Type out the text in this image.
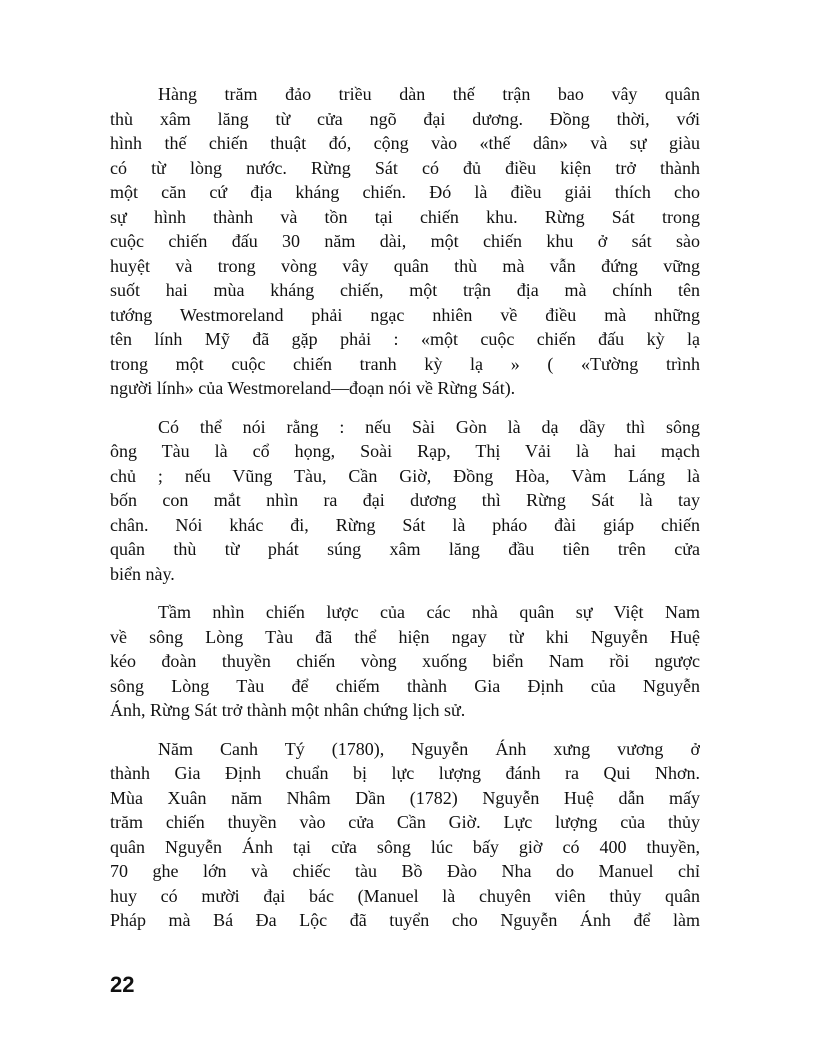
Hàng trăm đảo triều dàn thế trận bao vây quân
thù xâm lăng từ cửa ngõ đại dương. Đồng thời, với
hình thế chiến thuật đó, cộng vào «thế dân» và sự giàu
có từ lòng nước. Rừng Sát có đủ điều kiện trở thành
một căn cứ địa kháng chiến. Đó là điều giải thích cho
sự hình thành và tồn tại chiến khu. Rừng Sát trong
cuộc chiến đấu 30 năm dài, một chiến khu ở sát sào
huyệt và trong vòng vây quân thù mà vẫn đứng vững
suốt hai mùa kháng chiến, một trận địa mà chính tên
tướng Westmoreland phải ngạc nhiên về điều mà những
tên lính Mỹ đã gặp phải : «một cuộc chiến đấu kỳ lạ
trong một cuộc chiến tranh kỳ lạ » ( «Tường trình
người lính» của Westmoreland—đoạn nói về Rừng Sát).

Có thể nói rằng : nếu Sài Gòn là dạ dầy thì sông
ông Tàu là cổ họng, Soài Rạp, Thị Vải là hai mạch
chủ ; nếu Vũng Tàu, Cần Giờ, Đồng Hòa, Vàm Láng là
bốn con mắt nhìn ra đại dương thì Rừng Sát là tay
chân. Nói khác đi, Rừng Sát là pháo đài giáp chiến
quân thù từ phát súng xâm lăng đầu tiên trên cửa
biển này.

Tầm nhìn chiến lược của các nhà quân sự Việt Nam
về sông Lòng Tàu đã thể hiện ngay từ khi Nguyễn Huệ
kéo đoàn thuyền chiến vòng xuống biển Nam rồi ngược
sông Lòng Tàu để chiếm thành Gia Định của Nguyễn
Ánh, Rừng Sát trở thành một nhân chứng lịch sử.

Năm Canh Tý (1780), Nguyễn Ánh xưng vương ở
thành Gia Định chuẩn bị lực lượng đánh ra Qui Nhơn.
Mùa Xuân năm Nhâm Dần (1782) Nguyễn Huệ dẫn mấy
trăm chiến thuyền vào cửa Cần Giờ. Lực lượng của thủy
quân Nguyễn Ánh tại cửa sông lúc bấy giờ có 400 thuyền,
70 ghe lớn và chiếc tàu Bồ Đào Nha do Manuel chỉ
huy có mười đại bác (Manuel là chuyên viên thủy quân
Pháp mà Bá Đa Lộc đã tuyển cho Nguyễn Ánh để làm

22
